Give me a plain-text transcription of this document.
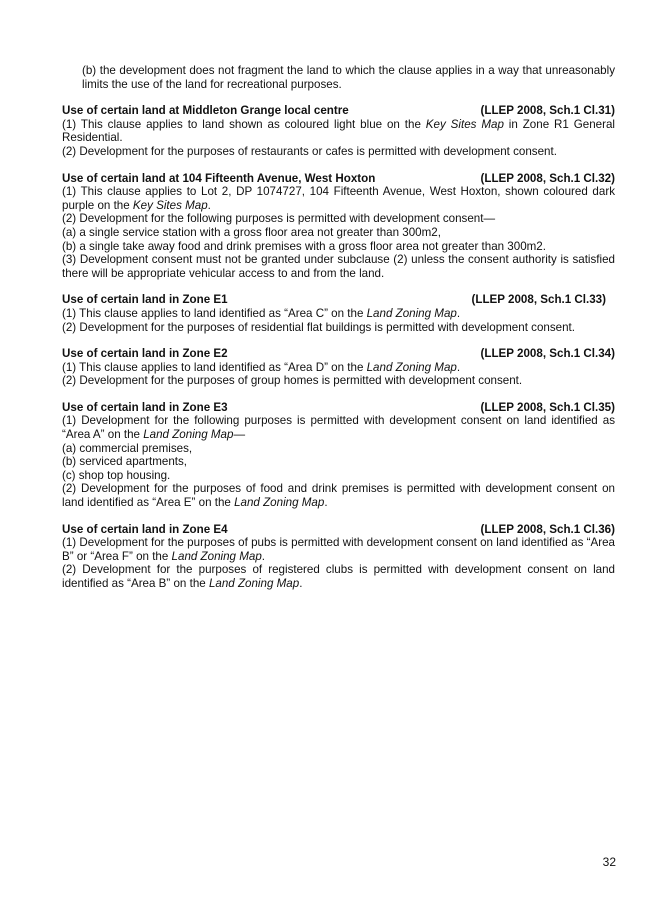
(b) the development does not fragment the land to which the clause applies in a way that unreasonably limits the use of the land for recreational purposes.

Use of certain land at Middleton Grange local centre	(LLEP 2008, Sch.1 Cl.31)

(1) This clause applies to land shown as coloured light blue on the Key Sites Map in Zone R1 General Residential.

(2) Development for the purposes of restaurants or cafes is permitted with development consent.

Use of certain land at 104 Fifteenth Avenue, West Hoxton	(LLEP 2008, Sch.1 Cl.32)

(1) This clause applies to Lot 2, DP 1074727, 104 Fifteenth Avenue, West Hoxton, shown coloured dark purple on the Key Sites Map.

(2) Development for the following purposes is permitted with development consent—

(a) a single service station with a gross floor area not greater than 300m2,

(b) a single take away food and drink premises with a gross floor area not greater than 300m2.

(3) Development consent must not be granted under subclause (2) unless the consent authority is satisfied there will be appropriate vehicular access to and from the land.

Use of certain land in Zone E1	(LLEP 2008, Sch.1 Cl.33)

(1) This clause applies to land identified as “Area C” on the Land Zoning Map.

(2) Development for the purposes of residential flat buildings is permitted with development consent.

Use of certain land in Zone E2	(LLEP 2008, Sch.1 Cl.34)

(1) This clause applies to land identified as “Area D” on the Land Zoning Map.

(2) Development for the purposes of group homes is permitted with development consent.

Use of certain land in Zone E3	(LLEP 2008, Sch.1 Cl.35)

(1) Development for the following purposes is permitted with development consent on land identified as “Area A” on the Land Zoning Map—

(a) commercial premises,

(b) serviced apartments,

(c) shop top housing.

(2) Development for the purposes of food and drink premises is permitted with development consent on land identified as “Area E” on the Land Zoning Map.

Use of certain land in Zone E4	(LLEP 2008, Sch.1 Cl.36)

(1) Development for the purposes of pubs is permitted with development consent on land identified as “Area B” or “Area F” on the Land Zoning Map.

(2) Development for the purposes of registered clubs is permitted with development consent on land identified as “Area B” on the Land Zoning Map.

32
